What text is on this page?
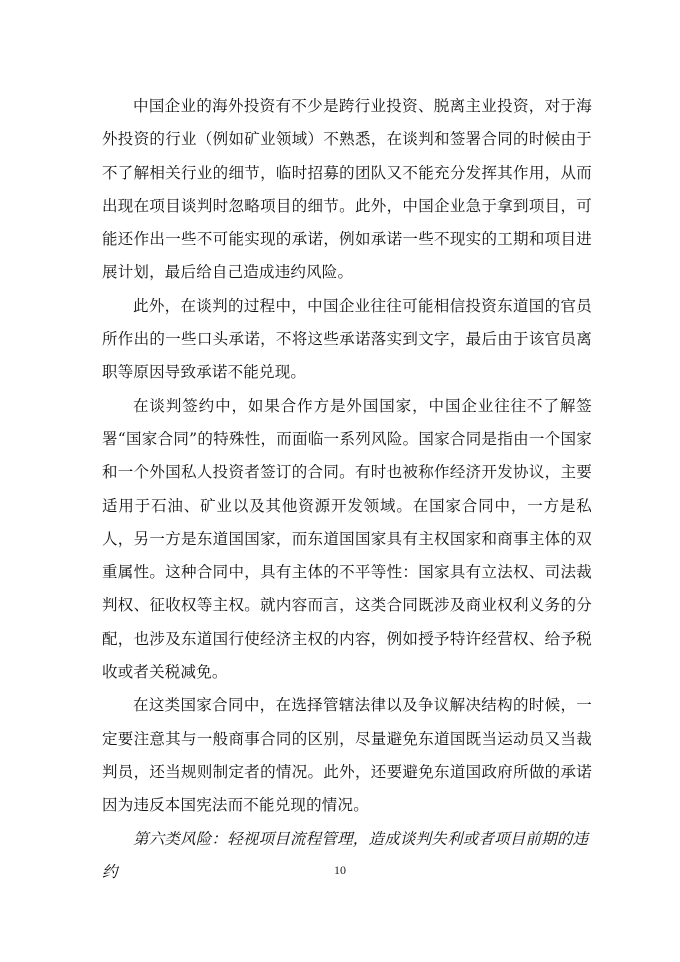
中国企业的海外投资有不少是跨行业投资、脱离主业投资，对于海外投资的行业（例如矿业领域）不熟悉，在谈判和签署合同的时候由于不了解相关行业的细节，临时招募的团队又不能充分发挥其作用，从而出现在项目谈判时忽略项目的细节。此外，中国企业急于拿到项目，可能还作出一些不可能实现的承诺，例如承诺一些不现实的工期和项目进展计划，最后给自己造成违约风险。

此外，在谈判的过程中，中国企业往往可能相信投资东道国的官员所作出的一些口头承诺，不将这些承诺落实到文字，最后由于该官员离职等原因导致承诺不能兑现。

在谈判签约中，如果合作方是外国国家，中国企业往往不了解签署“国家合同”的特殊性，而面临一系列风险。国家合同是指由一个国家和一个外国私人投资者签订的合同。有时也被称作经济开发协议，主要适用于石油、矿业以及其他资源开发领域。在国家合同中，一方是私人，另一方是东道国国家，而东道国国家具有主权国家和商事主体的双重属性。这种合同中，具有主体的不平等性：国家具有立法权、司法裁判权、征收权等主权。就内容而言，这类合同既涉及商业权利义务的分配，也涉及东道国行使经济主权的内容，例如授予特许经营权、给予税收或者关税减免。

在这类国家合同中，在选择管辖法律以及争议解决结构的时候，一定要注意其与一般商事合同的区别，尽量避免东道国既当运动员又当裁判员，还当规则制定者的情况。此外，还要避免东道国政府所做的承诺因为违反本国宪法而不能兑现的情况。

第六类风险：轻视项目流程管理，造成谈判失利或者项目前期的违约	10
